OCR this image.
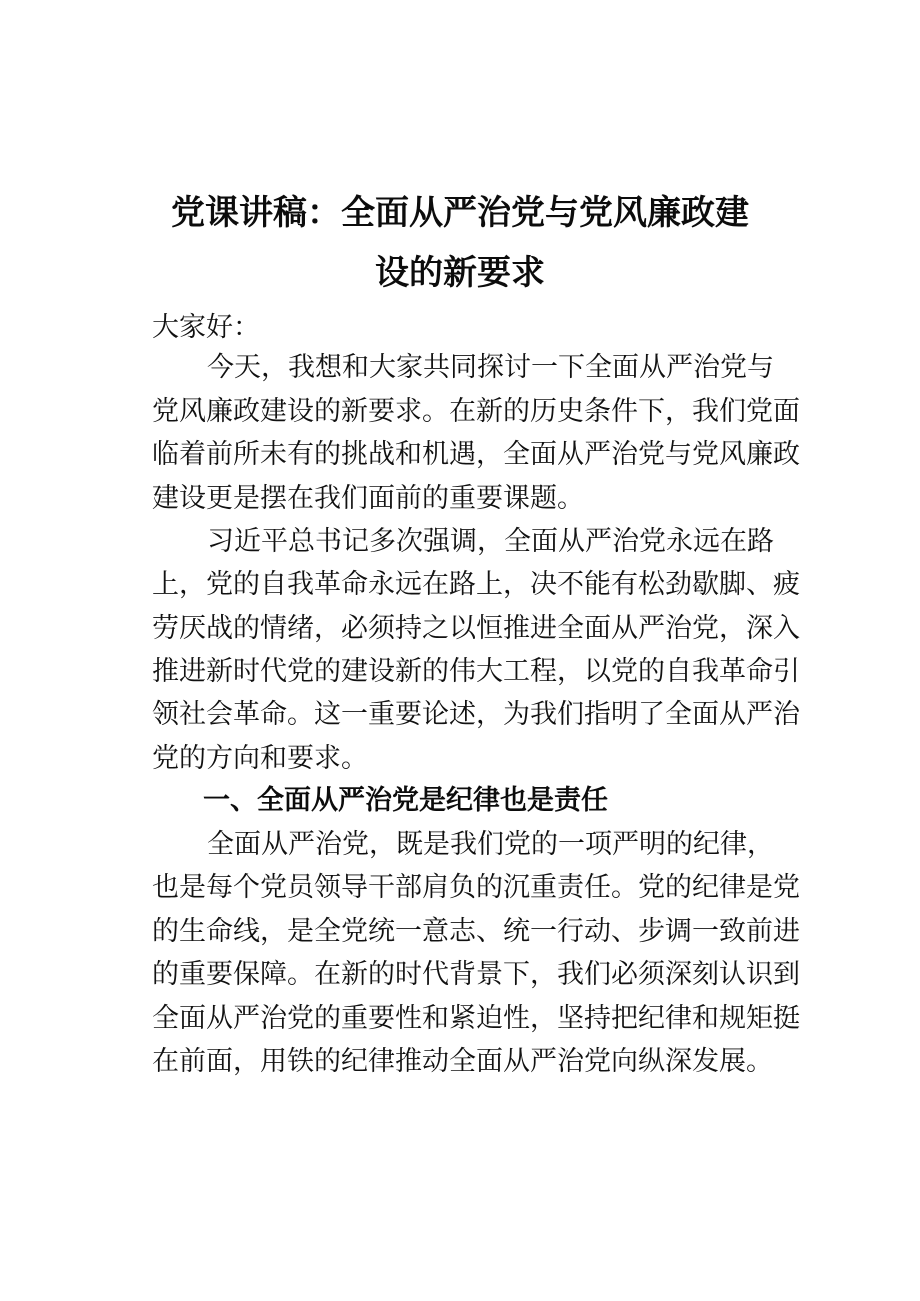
党课讲稿：全面从严治党与党风廉政建
设的新要求
大家好：
今天，我想和大家共同探讨一下全面从严治党与
党风廉政建设的新要求。在新的历史条件下，我们党面
临着前所未有的挑战和机遇，全面从严治党与党风廉政
建设更是摆在我们面前的重要课题。
习近平总书记多次强调，全面从严治党永远在路
上，党的自我革命永远在路上，决不能有松劲歇脚、疲
劳厌战的情绪，必须持之以恒推进全面从严治党，深入
推进新时代党的建设新的伟大工程，以党的自我革命引
领社会革命。这一重要论述，为我们指明了全面从严治
党的方向和要求。
一、全面从严治党是纪律也是责任
全面从严治党，既是我们党的一项严明的纪律，
也是每个党员领导干部肩负的沉重责任。党的纪律是党
的生命线，是全党统一意志、统一行动、步调一致前进
的重要保障。在新的时代背景下，我们必须深刻认识到
全面从严治党的重要性和紧迫性，坚持把纪律和规矩挺
在前面，用铁的纪律推动全面从严治党向纵深发展。
